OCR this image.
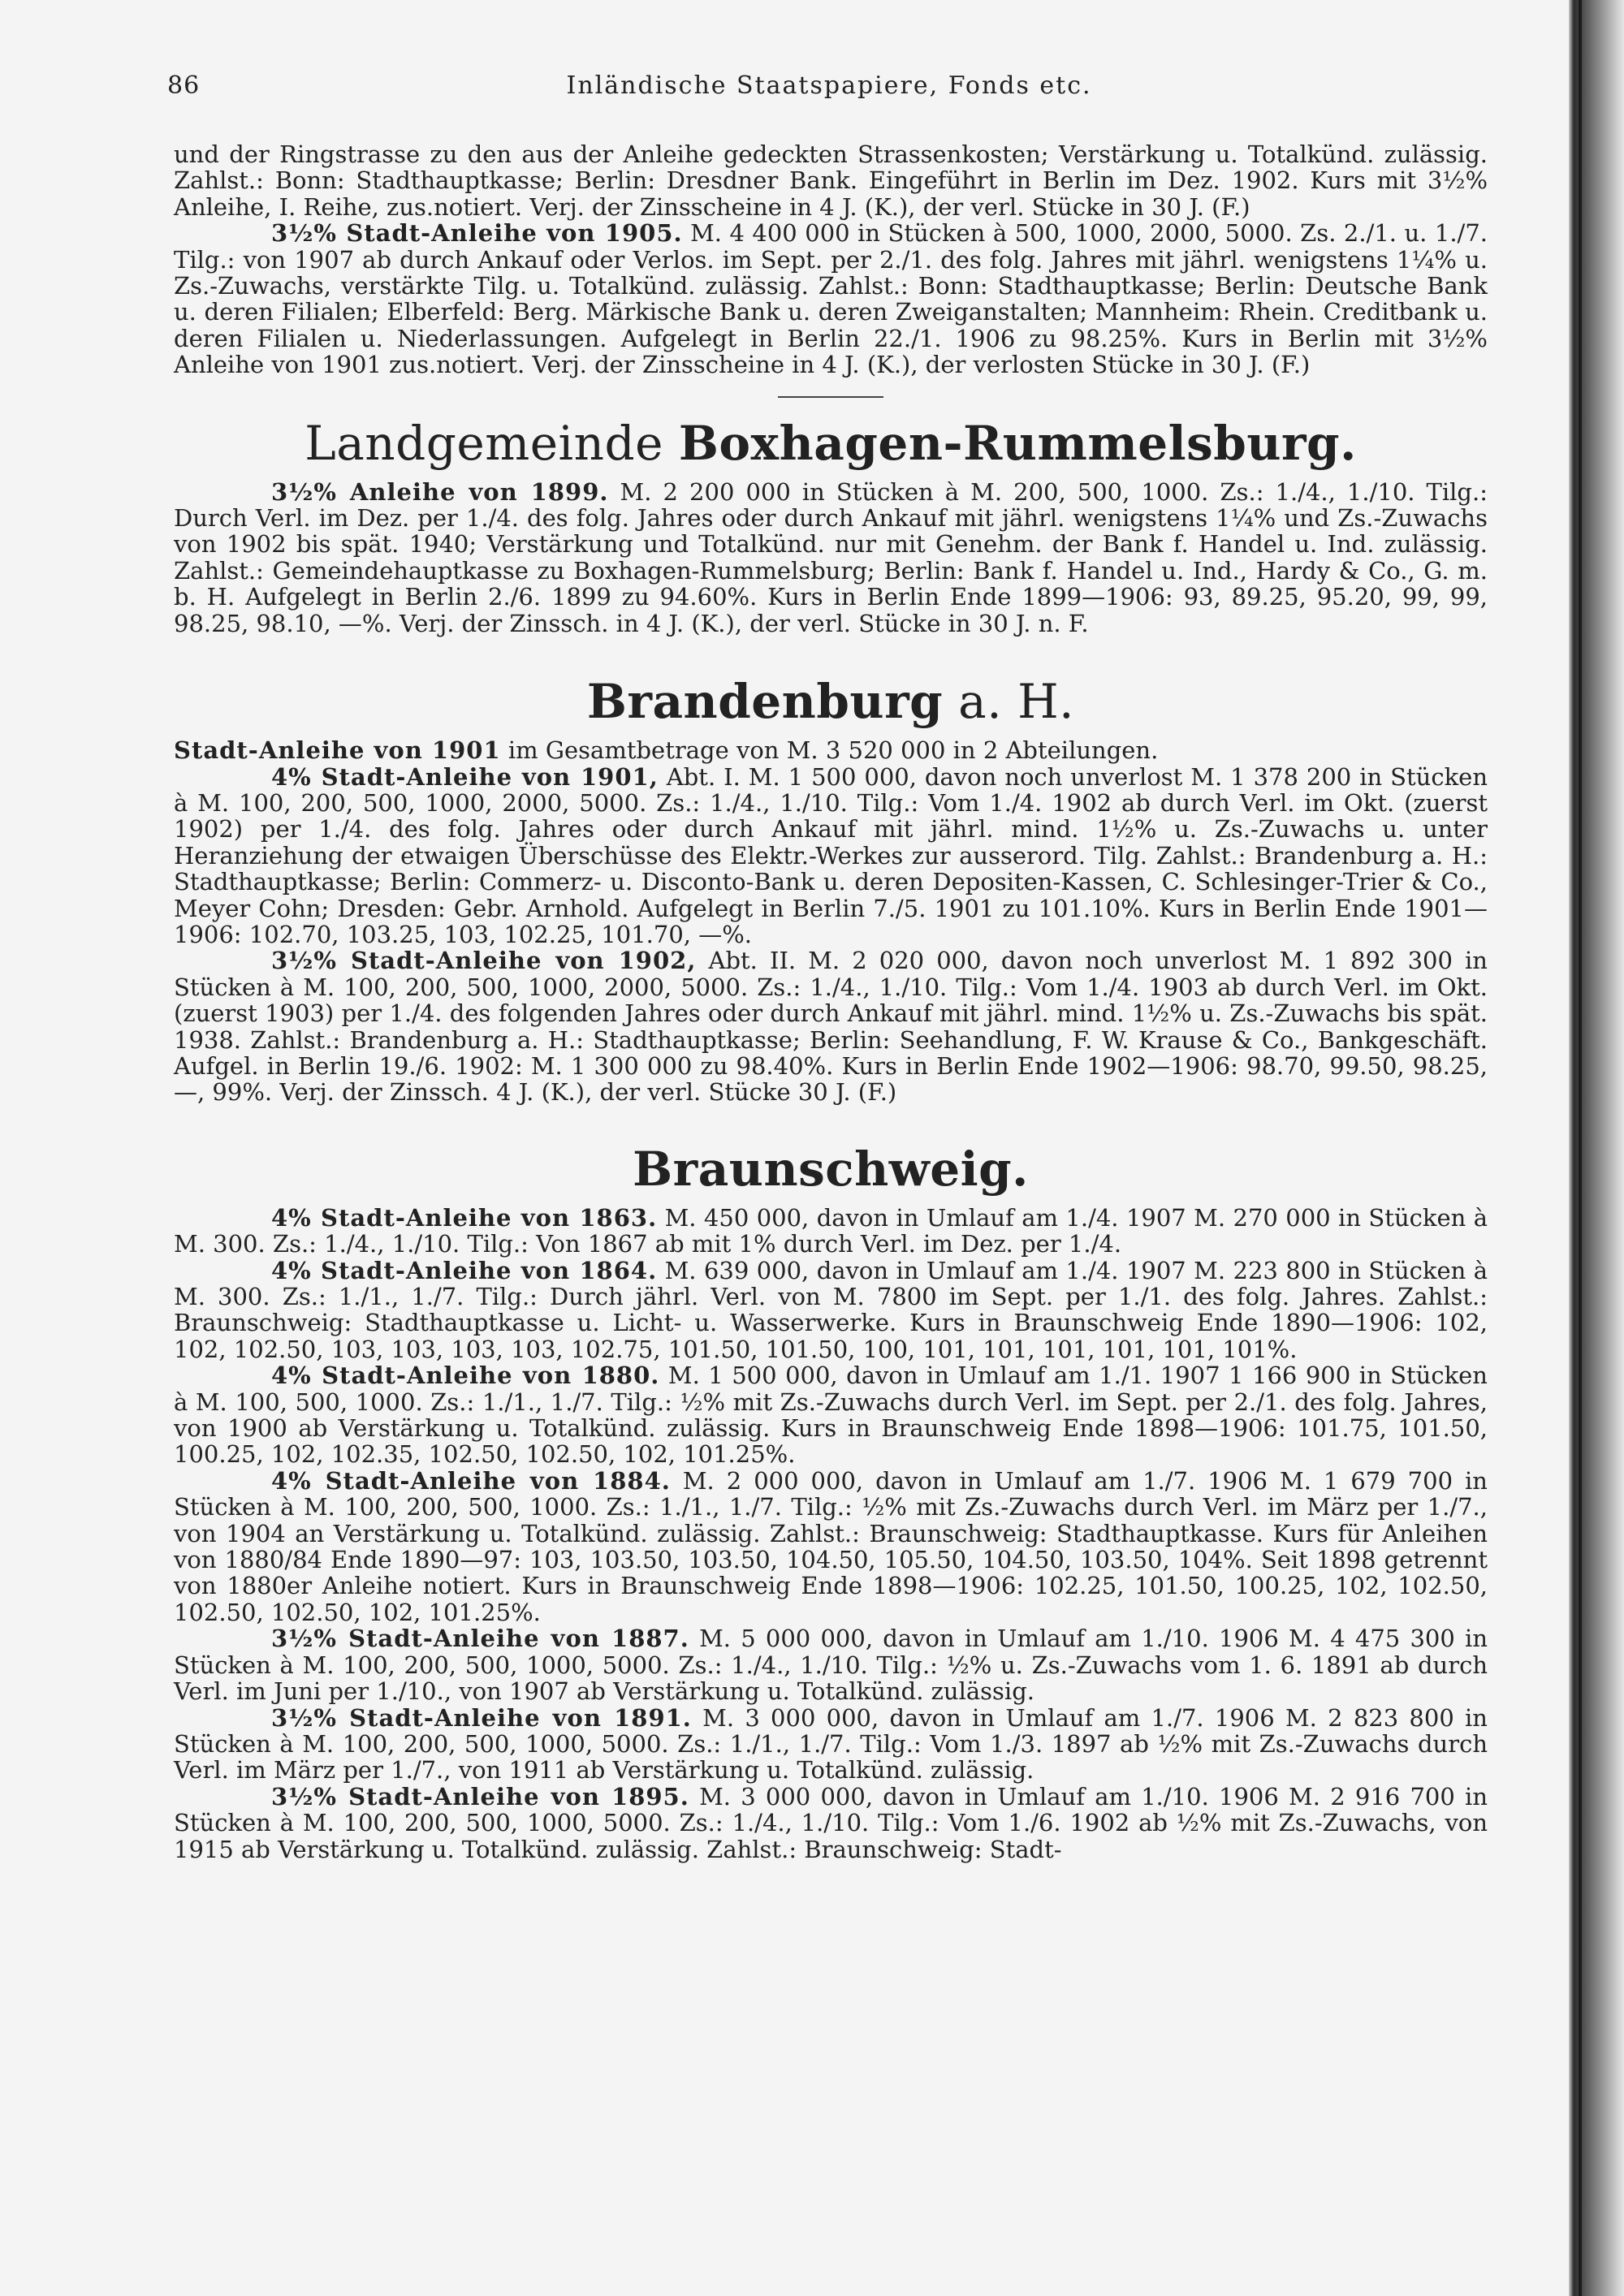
86	Inländische Staatspapiere, Fonds etc.

und der Ringstrasse zu den aus der Anleihe gedeckten Strassenkosten; Verstärkung u. Totalkünd. zulässig. Zahlst.: Bonn: Stadthauptkasse; Berlin: Dresdner Bank. Eingeführt in Berlin im Dez. 1902. Kurs mit 3½% Anleihe, I. Reihe, zus.notiert. Verj. der Zinsscheine in 4 J. (K.), der verl. Stücke in 30 J. (F.)

3½% Stadt-Anleihe von 1905. M. 4 400 000 in Stücken à 500, 1000, 2000, 5000. Zs. 2./1. u. 1./7. Tilg.: von 1907 ab durch Ankauf oder Verlos. im Sept. per 2./1. des folg. Jahres mit jährl. wenigstens 1¼% u. Zs.-Zuwachs, verstärkte Tilg. u. Totalkünd. zulässig. Zahlst.: Bonn: Stadthauptkasse; Berlin: Deutsche Bank u. deren Filialen; Elberfeld: Berg. Märkische Bank u. deren Zweiganstalten; Mannheim: Rhein. Creditbank u. deren Filialen u. Niederlassungen. Aufgelegt in Berlin 22./1. 1906 zu 98.25%. Kurs in Berlin mit 3½% Anleihe von 1901 zus.notiert. Verj. der Zinsscheine in 4 J. (K.), der verlosten Stücke in 30 J. (F.)

Landgemeinde Boxhagen-Rummelsburg.

3½% Anleihe von 1899. M. 2 200 000 in Stücken à M. 200, 500, 1000. Zs.: 1./4., 1./10. Tilg.: Durch Verl. im Dez. per 1./4. des folg. Jahres oder durch Ankauf mit jährl. wenigstens 1¼% und Zs.-Zuwachs von 1902 bis spät. 1940; Verstärkung und Totalkünd. nur mit Genehm. der Bank f. Handel u. Ind. zulässig. Zahlst.: Gemeindehauptkasse zu Boxhagen-Rummelsburg; Berlin: Bank f. Handel u. Ind., Hardy & Co., G. m. b. H. Aufgelegt in Berlin 2./6. 1899 zu 94.60%. Kurs in Berlin Ende 1899—1906: 93, 89.25, 95.20, 99, 99, 98.25, 98.10, —%. Verj. der Zinssch. in 4 J. (K.), der verl. Stücke in 30 J. n. F.

Brandenburg a. H.

Stadt-Anleihe von 1901 im Gesamtbetrage von M. 3 520 000 in 2 Abteilungen.

4% Stadt-Anleihe von 1901, Abt. I. M. 1 500 000, davon noch unverlost M. 1 378 200 in Stücken à M. 100, 200, 500, 1000, 2000, 5000. Zs.: 1./4., 1./10. Tilg.: Vom 1./4. 1902 ab durch Verl. im Okt. (zuerst 1902) per 1./4. des folg. Jahres oder durch Ankauf mit jährl. mind. 1½% u. Zs.-Zuwachs u. unter Heranziehung der etwaigen Überschüsse des Elektr.-Werkes zur ausserord. Tilg. Zahlst.: Brandenburg a. H.: Stadthauptkasse; Berlin: Commerz- u. Disconto-Bank u. deren Depositen-Kassen, C. Schlesinger-Trier & Co., Meyer Cohn; Dresden: Gebr. Arnhold. Aufgelegt in Berlin 7./5. 1901 zu 101.10%. Kurs in Berlin Ende 1901—1906: 102.70, 103.25, 103, 102.25, 101.70, —%.

3½% Stadt-Anleihe von 1902, Abt. II. M. 2 020 000, davon noch unverlost M. 1 892 300 in Stücken à M. 100, 200, 500, 1000, 2000, 5000. Zs.: 1./4., 1./10. Tilg.: Vom 1./4. 1903 ab durch Verl. im Okt. (zuerst 1903) per 1./4. des folgenden Jahres oder durch Ankauf mit jährl. mind. 1½% u. Zs.-Zuwachs bis spät. 1938. Zahlst.: Brandenburg a. H.: Stadthauptkasse; Berlin: Seehandlung, F. W. Krause & Co., Bankgeschäft. Aufgel. in Berlin 19./6. 1902: M. 1 300 000 zu 98.40%. Kurs in Berlin Ende 1902—1906: 98.70, 99.50, 98.25, —, 99%. Verj. der Zinssch. 4 J. (K.), der verl. Stücke 30 J. (F.)

Braunschweig.

4% Stadt-Anleihe von 1863. M. 450 000, davon in Umlauf am 1./4. 1907 M. 270 000 in Stücken à M. 300. Zs.: 1./4., 1./10. Tilg.: Von 1867 ab mit 1% durch Verl. im Dez. per 1./4.

4% Stadt-Anleihe von 1864. M. 639 000, davon in Umlauf am 1./4. 1907 M. 223 800 in Stücken à M. 300. Zs.: 1./1., 1./7. Tilg.: Durch jährl. Verl. von M. 7800 im Sept. per 1./1. des folg. Jahres. Zahlst.: Braunschweig: Stadthauptkasse u. Licht- u. Wasserwerke. Kurs in Braunschweig Ende 1890—1906: 102, 102, 102.50, 103, 103, 103, 103, 102.75, 101.50, 101.50, 100, 101, 101, 101, 101, 101, 101%.

4% Stadt-Anleihe von 1880. M. 1 500 000, davon in Umlauf am 1./1. 1907 1 166 900 in Stücken à M. 100, 500, 1000. Zs.: 1./1., 1./7. Tilg.: ½% mit Zs.-Zuwachs durch Verl. im Sept. per 2./1. des folg. Jahres, von 1900 ab Verstärkung u. Totalkünd. zulässig. Kurs in Braunschweig Ende 1898—1906: 101.75, 101.50, 100.25, 102, 102.35, 102.50, 102.50, 102, 101.25%.

4% Stadt-Anleihe von 1884. M. 2 000 000, davon in Umlauf am 1./7. 1906 M. 1 679 700 in Stücken à M. 100, 200, 500, 1000. Zs.: 1./1., 1./7. Tilg.: ½% mit Zs.-Zuwachs durch Verl. im März per 1./7., von 1904 an Verstärkung u. Totalkünd. zulässig. Zahlst.: Braunschweig: Stadthauptkasse. Kurs für Anleihen von 1880/84 Ende 1890—97: 103, 103.50, 103.50, 104.50, 105.50, 104.50, 103.50, 104%. Seit 1898 getrennt von 1880er Anleihe notiert. Kurs in Braunschweig Ende 1898—1906: 102.25, 101.50, 100.25, 102, 102.50, 102.50, 102.50, 102, 101.25%.

3½% Stadt-Anleihe von 1887. M. 5 000 000, davon in Umlauf am 1./10. 1906 M. 4 475 300 in Stücken à M. 100, 200, 500, 1000, 5000. Zs.: 1./4., 1./10. Tilg.: ½% u. Zs.-Zuwachs vom 1. 6. 1891 ab durch Verl. im Juni per 1./10., von 1907 ab Verstärkung u. Totalkünd. zulässig.

3½% Stadt-Anleihe von 1891. M. 3 000 000, davon in Umlauf am 1./7. 1906 M. 2 823 800 in Stücken à M. 100, 200, 500, 1000, 5000. Zs.: 1./1., 1./7. Tilg.: Vom 1./3. 1897 ab ½% mit Zs.-Zuwachs durch Verl. im März per 1./7., von 1911 ab Verstärkung u. Totalkünd. zulässig.

3½% Stadt-Anleihe von 1895. M. 3 000 000, davon in Umlauf am 1./10. 1906 M. 2 916 700 in Stücken à M. 100, 200, 500, 1000, 5000. Zs.: 1./4., 1./10. Tilg.: Vom 1./6. 1902 ab ½% mit Zs.-Zuwachs, von 1915 ab Verstärkung u. Totalkünd. zulässig. Zahlst.: Braunschweig: Stadt-
